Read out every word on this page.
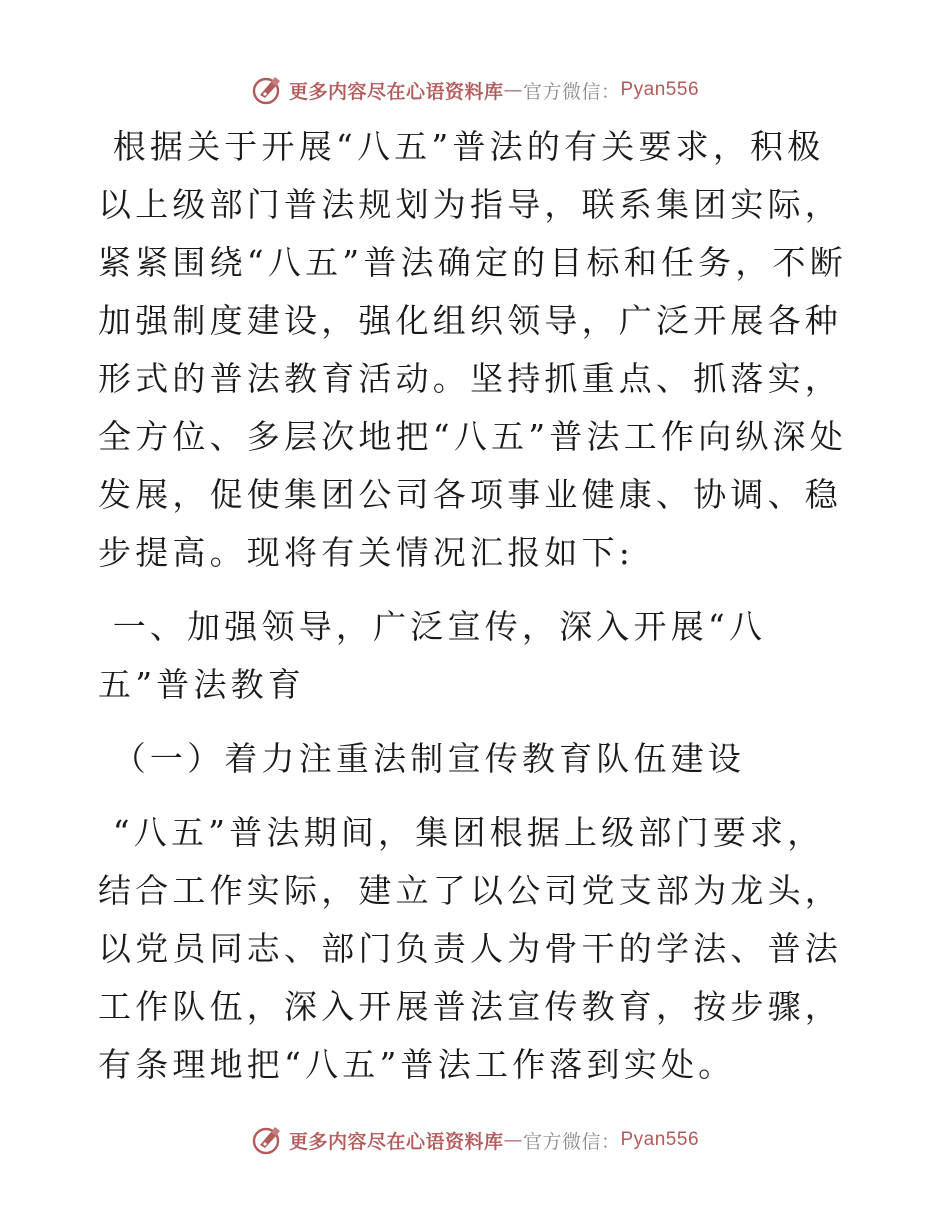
更多内容尽在心语资料库 — 官方微信： Pyan556

根据关于开展“八五”普法的有关要求，积极以上级部门普法规划为指导，联系集团实际，紧紧围绕“八五”普法确定的目标和任务，不断加强制度建设，强化组织领导，广泛开展各种形式的普法教育活动。坚持抓重点、抓落实，全方位、多层次地把“八五”普法工作向纵深处发展，促使集团公司各项事业健康、协调、稳步提高。现将有关情况汇报如下:

一、加强领导，广泛宣传，深入开展“八五”普法教育

（一）着力注重法制宣传教育队伍建设

“八五”普法期间，集团根据上级部门要求，结合工作实际，建立了以公司党支部为龙头，以党员同志、部门负责人为骨干的学法、普法工作队伍，深入开展普法宣传教育，按步骤，有条理地把“八五”普法工作落到实处。

更多内容尽在心语资料库 — 官方微信： Pyan556
